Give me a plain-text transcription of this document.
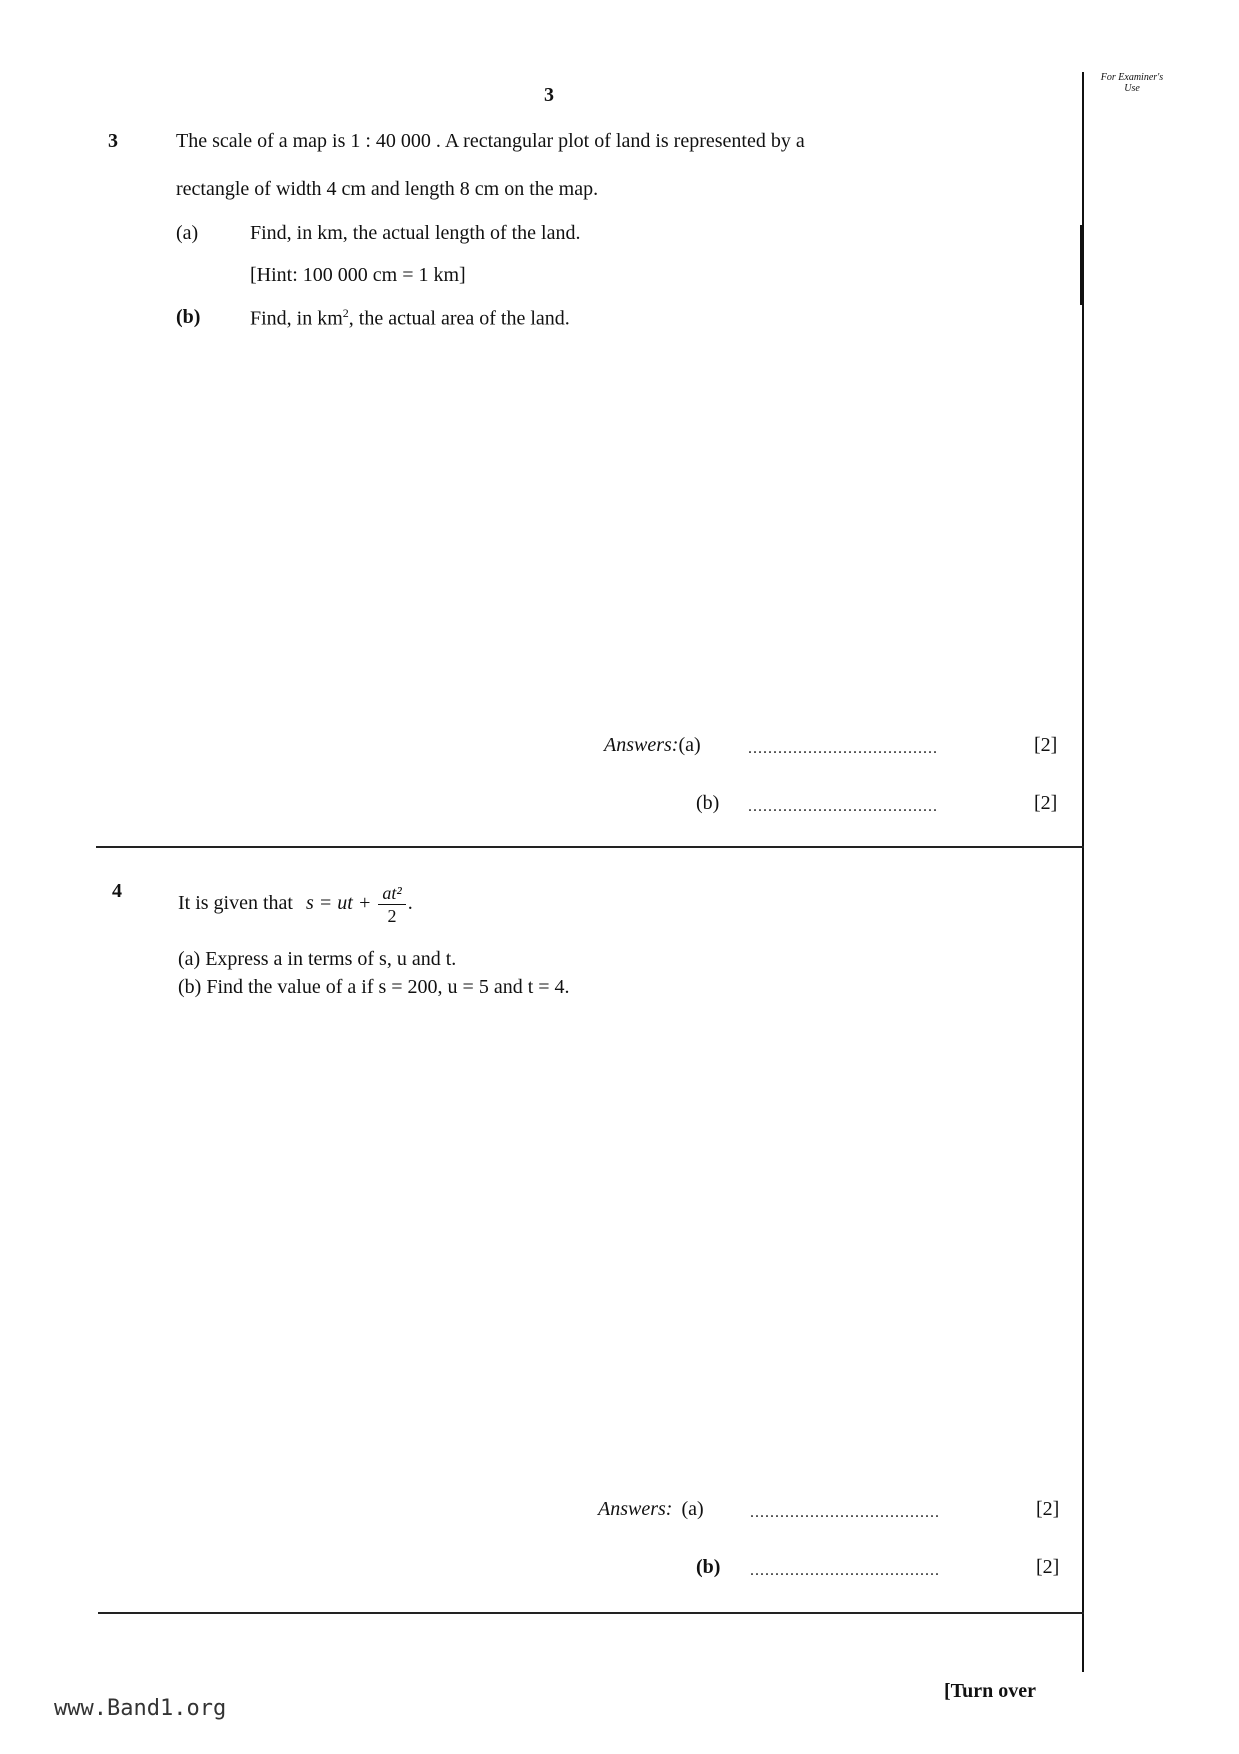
3
For Examiner's Use
3	The scale of a map is 1 : 40 000 . A rectangular plot of land is represented by a
rectangle of width 4 cm and length 8 cm on the map.
(a)	Find, in km, the actual length of the land.
[Hint: 100 000 cm = 1 km]
(b) Find, in $km^2$, the actual area of the land.
Answers:(a)	......................................	[2]
(b) ......................................	[2]
4
It is given that s = ut + $\frac{\text{at²}}{2}$ .
(a) Express a in terms of s, u and t.
(b) Find the value of a if s = 200, u = 5 and t = 4.
Answers: (a)	......................................	[2]
(b) ......................................	[2]
www.Band1.org
[Turn over
